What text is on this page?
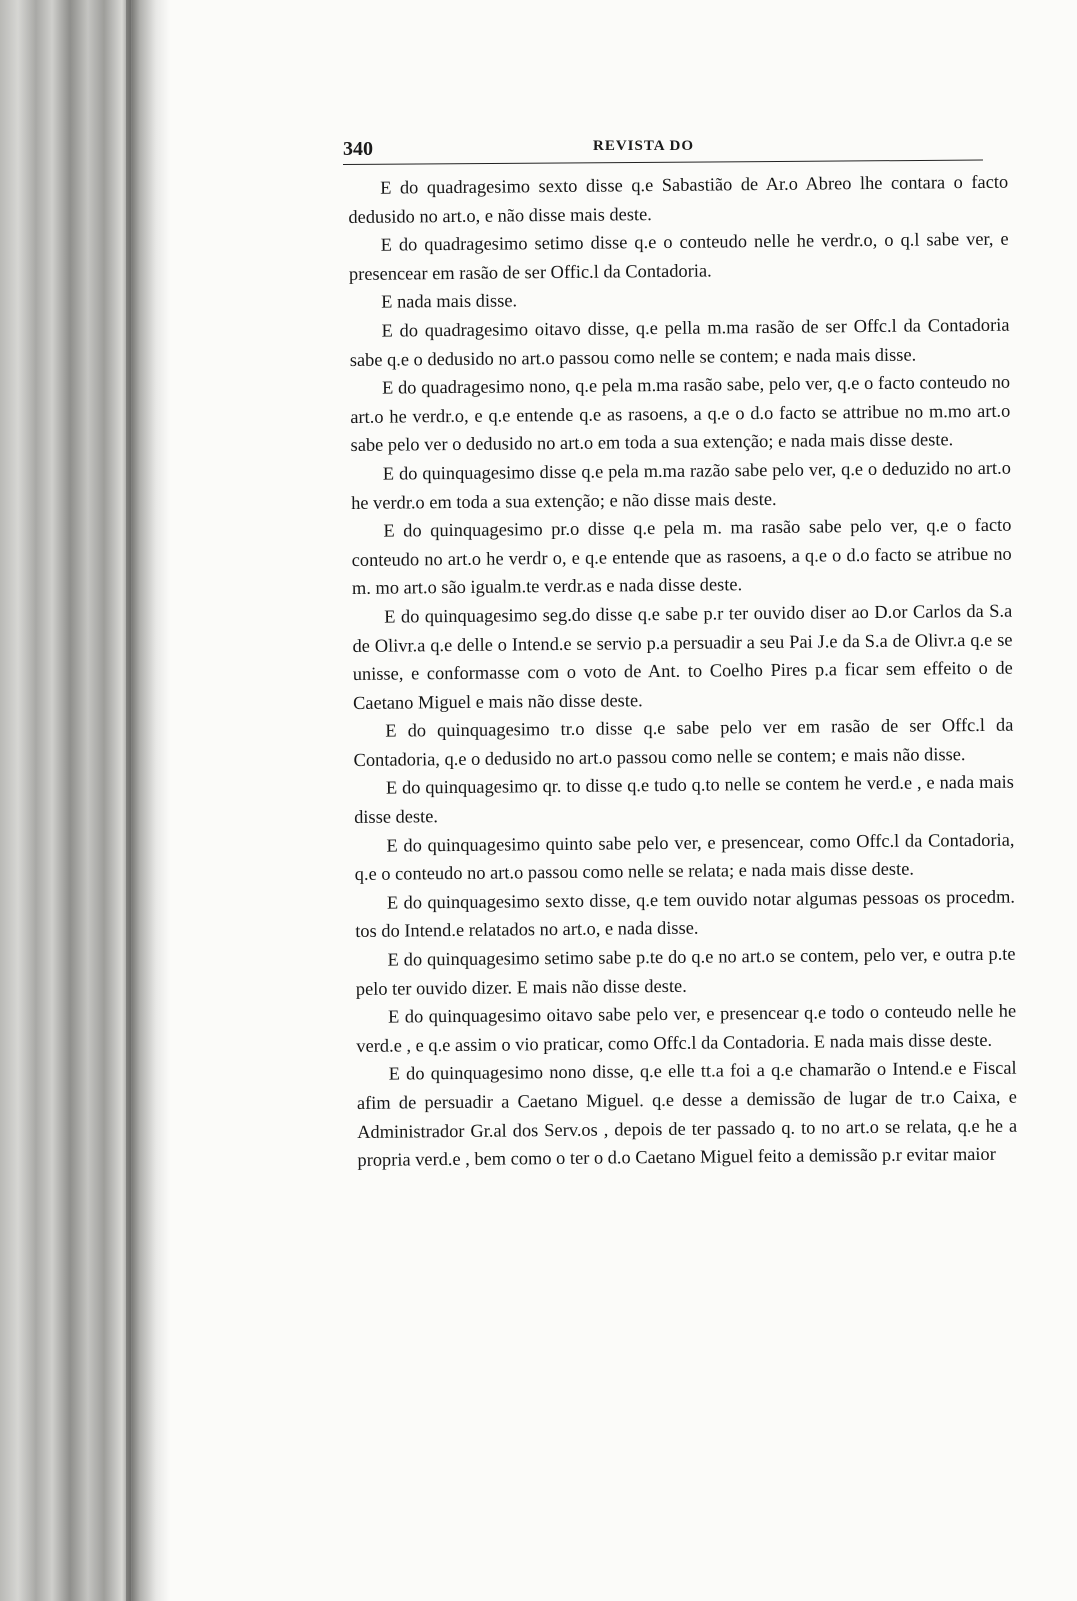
340	REVISTA DO

E do quadragesimo sexto disse q.e Sabastião de Ar.o Abreo lhe contara o facto dedusido no art.o, e não disse mais deste.

E do quadragesimo setimo disse q.e o conteudo nelle he verdr.o, o q.l sabe ver, e presencear em rasão de ser Offic.l da Contadoria.

E nada mais disse.

E do quadragesimo oitavo disse, q.e pella m.ma rasão de ser Offc.l da Contadoria sabe q.e o dedusido no art.o passou como nelle se contem; e nada mais disse.

E do quadragesimo nono, q.e pela m.ma rasão sabe, pelo ver, q.e o facto conteudo no art.o he verdr.o, e q.e entende q.e as rasoens, a q.e o d.o facto se attribue no m.mo art.o sabe pelo ver o dedusido no art.o em toda a sua extenção; e nada mais disse deste.

E do quinquagesimo disse q.e pela m.ma razão sabe pelo ver, q.e o deduzido no art.o he verdr.o em toda a sua extenção; e não disse mais deste.

E do quinquagesimo pr.o disse q.e pela m. ma rasão sabe pelo ver, q.e o facto conteudo no art.o he verdr o, e q.e entende que as rasoens, a q.e o d.o facto se atribue no m. mo art.o são igualm.te verdr.as e nada disse deste.

E do quinquagesimo seg.do disse q.e sabe p.r ter ouvido diser ao D.or Carlos da S.a de Olivr.a q.e delle o Intend.e se servio p.a persuadir a seu Pai J.e da S.a de Olivr.a q.e se unisse, e conformasse com o voto de Ant. to Coelho Pires p.a ficar sem effeito o de Caetano Miguel e mais não disse deste.

E do quinquagesimo tr.o disse q.e sabe pelo ver em rasão de ser Offc.l da Contadoria, q.e o dedusido no art.o passou como nelle se contem; e mais não disse.

E do quinquagesimo qr. to disse q.e tudo q.to nelle se contem he verd.e , e nada mais disse deste.

E do quinquagesimo quinto sabe pelo ver, e presencear, como Offc.l da Contadoria, q.e o conteudo no art.o passou como nelle se relata; e nada mais disse deste.

E do quinquagesimo sexto disse, q.e tem ouvido notar algumas pessoas os procedm. tos do Intend.e relatados no art.o, e nada disse.

E do quinquagesimo setimo sabe p.te do q.e no art.o se contem, pelo ver, e outra p.te pelo ter ouvido dizer. E mais não disse deste.

E do quinquagesimo oitavo sabe pelo ver, e presencear q.e todo o conteudo nelle he verd.e , e q.e assim o vio praticar, como Offc.l da Contadoria. E nada mais disse deste.

E do quinquagesimo nono disse, q.e elle tt.a foi a q.e chamarão o Intend.e e Fiscal afim de persuadir a Caetano Miguel. q.e desse a demissão de lugar de tr.o Caixa, e Administrador Gr.al dos Serv.os , depois de ter passado q. to no art.o se relata, q.e he a propria verd.e , bem como o ter o d.o Caetano Miguel feito a demissão p.r evitar maior
